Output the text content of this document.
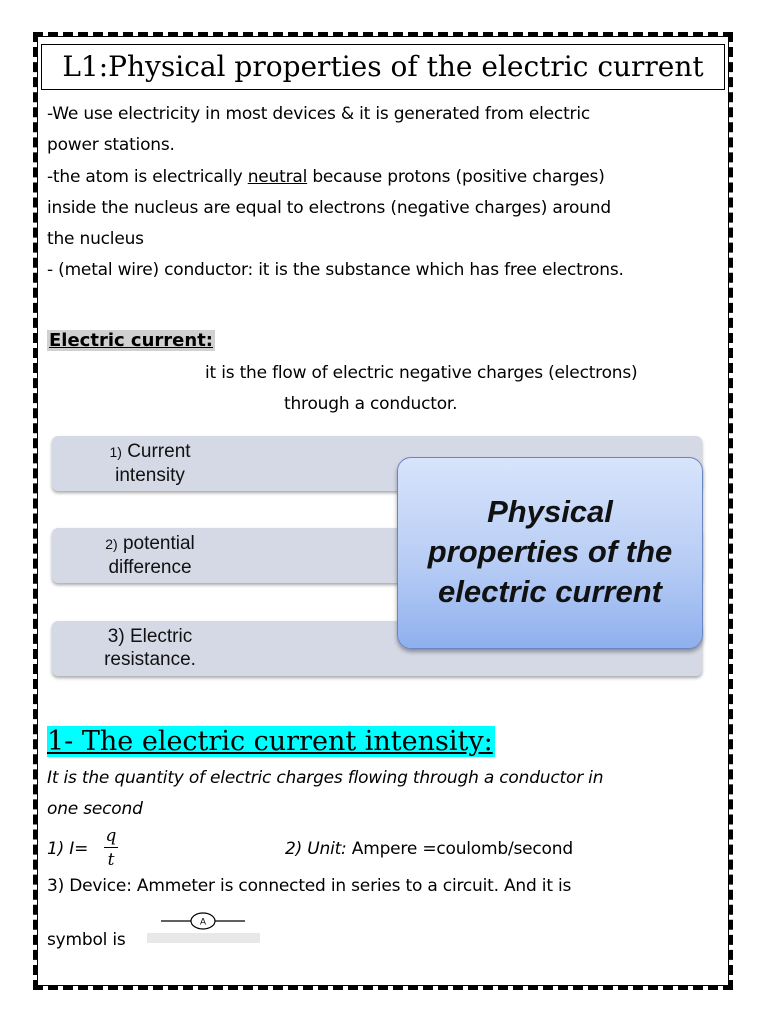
L1:Physical properties of the electric current
-We use electricity in most devices & it is generated from electric
power stations.
-the atom is electrically neutral because protons (positive charges)
inside the nucleus are equal to electrons (negative charges) around
the nucleus
- (metal wire) conductor: it is the substance which has free electrons.
Electric current:
it is the flow of electric negative charges (electrons)
through a conductor.
1) Current
intensity
2) potential
difference
3) Electric
resistance.
Physical
properties of the
electric current
1- The electric current intensity:
It is the quantity of electric charges flowing through a conductor in
one second
1) I=
q
t
2) Unit: Ampere =coulomb/second
3) Device: Ammeter is connected in series to a circuit. And it is
symbol is
A
